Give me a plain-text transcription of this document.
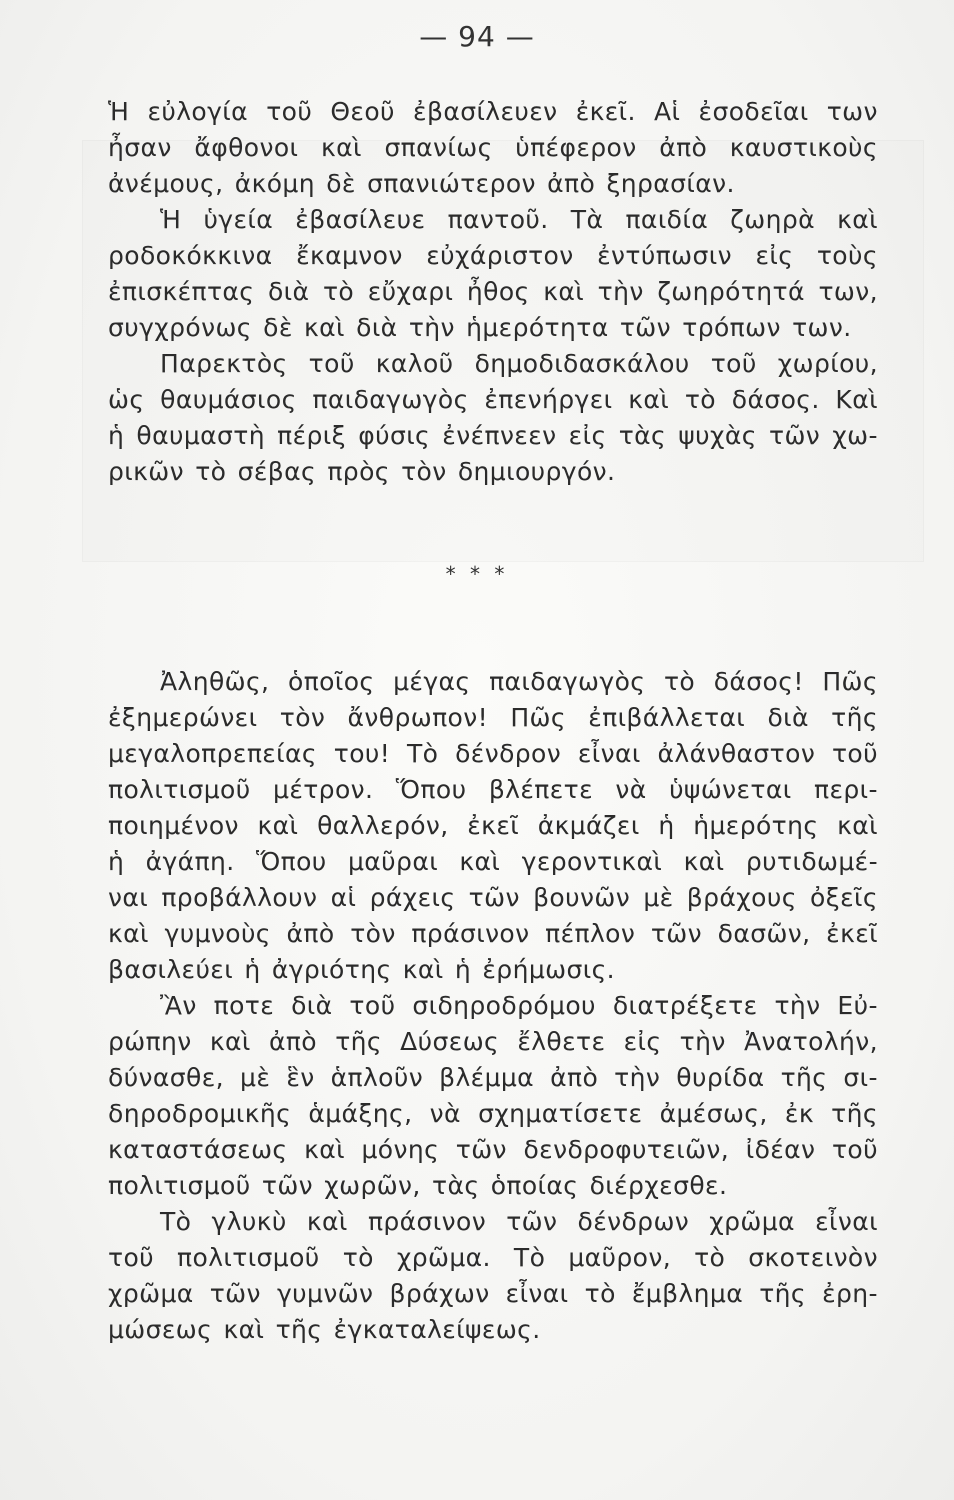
— 94 —
Ἡ εὐλογία τοῦ Θεοῦ ἐβασίλευεν ἐκεῖ. Αἱ ἐσοδεῖαι των
ἦσαν ἄφθονοι καὶ σπανίως ὑπέφερον ἀπὸ καυστικοὺς
ἀνέμους, ἀκόμη δὲ σπανιώτερον ἀπὸ ξηρασίαν.
Ἡ ὑγεία ἐβασίλευε παντοῦ. Τὰ παιδία ζωηρὰ καὶ
ροδοκόκκινα ἔκαμνον εὐχάριστον ἐντύπωσιν εἰς τοὺς
ἐπισκέπτας διὰ τὸ εὔχαρι ἦθος καὶ τὴν ζωηρότητά των,
συγχρόνως δὲ καὶ διὰ τὴν ἡμερότητα τῶν τρόπων των.
Παρεκτὸς τοῦ καλοῦ δημοδιδασκάλου τοῦ χωρίου,
ὡς θαυμάσιος παιδαγωγὸς ἐπενήργει καὶ τὸ δάσος. Καὶ
ἡ θαυμαστὴ πέριξ φύσις ἐνέπνεεν εἰς τὰς ψυχὰς τῶν χω-
ρικῶν τὸ σέβας πρὸς τὸν δημιουργόν.
* * *
Ἀληθῶς, ὁποῖος μέγας παιδαγωγὸς τὸ δάσος! Πῶς
ἐξημερώνει τὸν ἄνθρωπον! Πῶς ἐπιβάλλεται διὰ τῆς
μεγαλοπρεπείας του! Τὸ δένδρον εἶναι ἀλάνθαστον τοῦ
πολιτισμοῦ μέτρον. Ὅπου βλέπετε νὰ ὑψώνεται περι-
ποιημένον καὶ θαλλερόν, ἐκεῖ ἀκμάζει ἡ ἡμερότης καὶ
ἡ ἀγάπη. Ὅπου μαῦραι καὶ γεροντικαὶ καὶ ρυτιδωμέ-
ναι προβάλλουν αἱ ράχεις τῶν βουνῶν μὲ βράχους ὀξεῖς
καὶ γυμνοὺς ἀπὸ τὸν πράσινον πέπλον τῶν δασῶν, ἐκεῖ
βασιλεύει ἡ ἀγριότης καὶ ἡ ἐρήμωσις.
Ἂν ποτε διὰ τοῦ σιδηροδρόμου διατρέξετε τὴν Εὐ-
ρώπην καὶ ἀπὸ τῆς Δύσεως ἔλθετε εἰς τὴν Ἀνατολήν,
δύνασθε, μὲ ἓν ἁπλοῦν βλέμμα ἀπὸ τὴν θυρίδα τῆς σι-
δηροδρομικῆς ἁμάξης, νὰ σχηματίσετε ἀμέσως, ἐκ τῆς
καταστάσεως καὶ μόνης τῶν δενδροφυτειῶν, ἰδέαν τοῦ
πολιτισμοῦ τῶν χωρῶν, τὰς ὁποίας διέρχεσθε.
Τὸ γλυκὺ καὶ πράσινον τῶν δένδρων χρῶμα εἶναι
τοῦ πολιτισμοῦ τὸ χρῶμα. Τὸ μαῦρον, τὸ σκοτεινὸν
χρῶμα τῶν γυμνῶν βράχων εἶναι τὸ ἔμβλημα τῆς ἐρη-
μώσεως καὶ τῆς ἐγκαταλείψεως.
